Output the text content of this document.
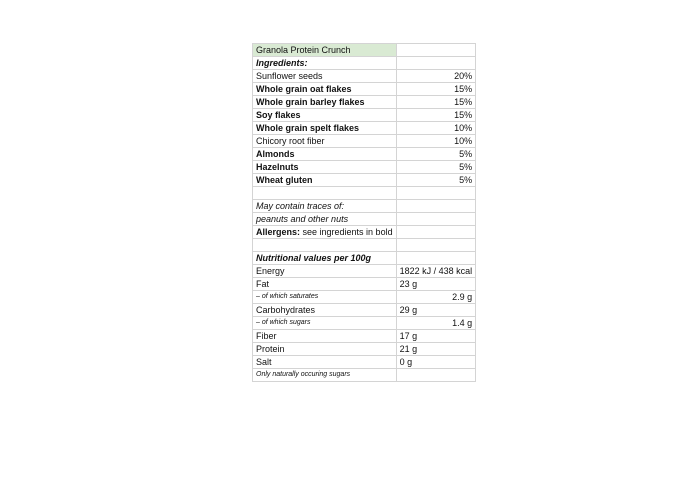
Granola Protein Crunch	
Ingredients:	
Sunflower seeds	20%
Whole grain oat flakes	15%
Whole grain barley flakes	15%
Soy flakes	15%
Whole grain spelt flakes	10%
Chicory root fiber	10%
Almonds	5%
Hazelnuts	5%
Wheat gluten	5%

May contain traces of:	
peanuts and other nuts	
Allergens: see ingredients in bold	

Nutritional values per 100g	
Energy	1822 kJ / 438 kcal
Fat	23 g
– of which saturates	2.9 g
Carbohydrates	29 g
– of which sugars	1.4 g
Fiber	17 g
Protein	21 g
Salt	0 g
Only naturally occuring sugars	
